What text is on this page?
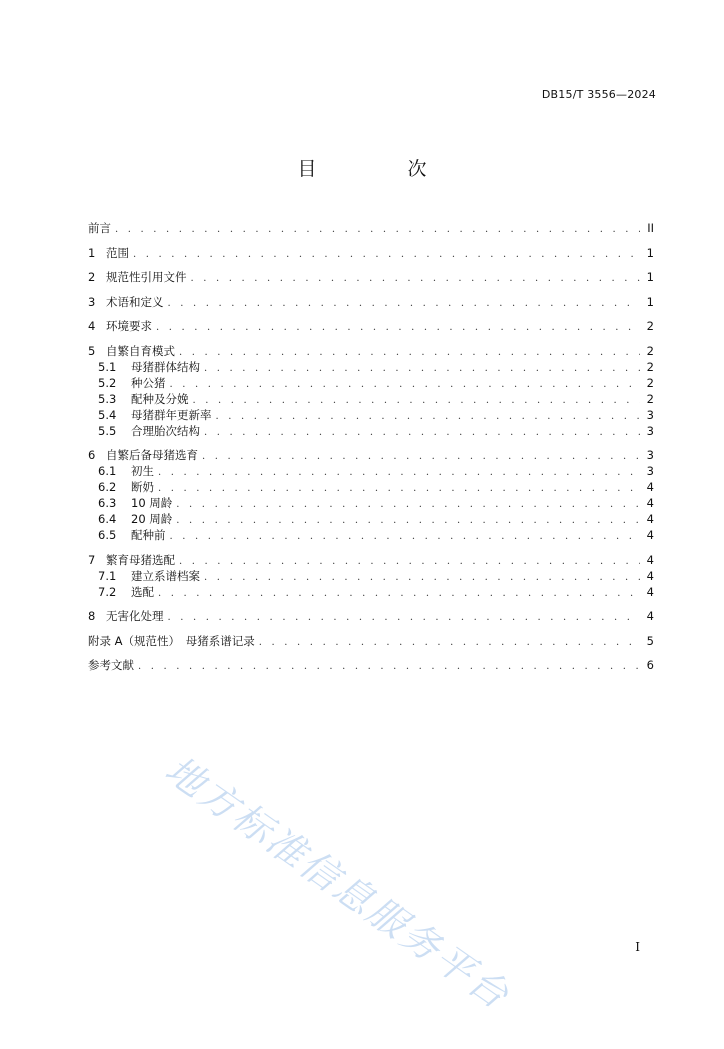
DB15/T 3556—2024
目　次
前言 . . .	II
1 范围 . . .	1
2 规范性引用文件 . . .	1
3 术语和定义 . . .	1
4 环境要求 . . .	2
5 自繁自育模式 . . .	2
5.1	母猪群体结构 . . .	2
5.2	种公猪 . . .	2
5.3	配种及分娩 . . .	2
5.4	母猪群年更新率 . . .	3
5.5	合理胎次结构 . . .	3
6 自繁后备母猪选育 . . .	3
6.1	初生 . . .	3
6.2	断奶 . . .	4
6.3	10 周龄 . . .	4
6.4	20 周龄 . . .	4
6.5	配种前 . . .	4
7 繁育母猪选配 . . .	4
7.1	建立系谱档案 . . .	4
7.2	选配 . . .	4
8 无害化处理 . . .	4
附录 A（规范性）　母猪系谱记录 . . .	5
参考文献 . . .	6
地方标准信息服务平台	I
